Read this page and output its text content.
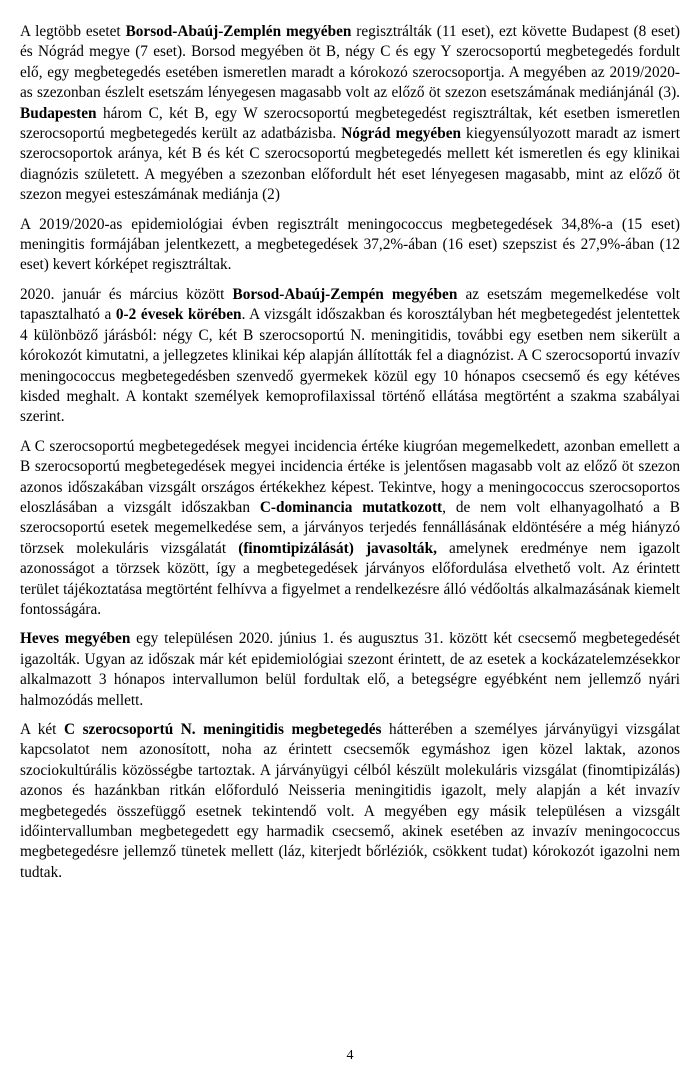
A legtöbb esetet Borsod-Abaúj-Zemplén megyében regisztrálták (11 eset), ezt követte Budapest (8 eset) és Nógrád megye (7 eset). Borsod megyében öt B, négy C és egy Y szerocsoportú megbetegedés fordult elő, egy megbetegedés esetében ismeretlen maradt a kórokozó szerocsoportja. A megyében az 2019/2020-as szezonban észlelt esetszám lényegesen magasabb volt az előző öt szezon esetszámának mediánjánál (3). Budapesten három C, két B, egy W szerocsoportú megbetegedést regisztráltak, két esetben ismeretlen szerocsoportú megbetegedés került az adatbázisba. Nógrád megyében kiegyensúlyozott maradt az ismert szerocsoportok aránya, két B és két C szerocsoportú megbetegedés mellett két ismeretlen és egy klinikai diagnózis született. A megyében a szezonban előfordult hét eset lényegesen magasabb, mint az előző öt szezon megyei esteszámának mediánja (2)

A 2019/2020-as epidemiológiai évben regisztrált meningococcus megbetegedések 34,8%-a (15 eset) meningitis formájában jelentkezett, a megbetegedések 37,2%-ában (16 eset) szepszist és 27,9%-ában (12 eset) kevert kórképet regisztráltak.

2020. január és március között Borsod-Abaúj-Zempén megyében az esetszám megemelkedése volt tapasztalható a 0-2 évesek körében. A vizsgált időszakban és korosztályban hét megbetegedést jelentettek 4 különböző járásból: négy C, két B szerocsoportú N. meningitidis, további egy esetben nem sikerült a kórokozót kimutatni, a jellegzetes klinikai kép alapján állították fel a diagnózist. A C szerocsoportú invazív meningococcus megbetegedésben szenvedő gyermekek közül egy 10 hónapos csecsemő és egy kétéves kisded meghalt. A kontakt személyek kemoprofilaxissal történő ellátása megtörtént a szakma szabályai szerint.

A C szerocsoportú megbetegedések megyei incidencia értéke kiugróan megemelkedett, azonban emellett a B szerocsoportú megbetegedések megyei incidencia értéke is jelentősen magasabb volt az előző öt szezon azonos időszakában vizsgált országos értékekhez képest. Tekintve, hogy a meningococcus szerocsoportos eloszlásában a vizsgált időszakban C-dominancia mutatkozott, de nem volt elhanyagolható a B szerocsoportú esetek megemelkedése sem, a járványos terjedés fennállásának eldöntésére a még hiányzó törzsek molekuláris vizsgálatát (finomtipizálását) javasolták, amelynek eredménye nem igazolt azonosságot a törzsek között, így a megbetegedések járványos előfordulása elvethető volt. Az érintett terület tájékoztatása megtörtént felhívva a figyelmet a rendelkezésre álló védőoltás alkalmazásának kiemelt fontosságára.

Heves megyében egy településen 2020. június 1. és augusztus 31. között két csecsemő megbetegedését igazolták. Ugyan az időszak már két epidemiológiai szezont érintett, de az esetek a kockázatelemzésekkor alkalmazott 3 hónapos intervallumon belül fordultak elő, a betegségre egyébként nem jellemző nyári halmozódás mellett.

A két C szerocsoportú N. meningitidis megbetegedés hátterében a személyes járványügyi vizsgálat kapcsolatot nem azonosított, noha az érintett csecsemők egymáshoz igen közel laktak, azonos szociokultúrális közösségbe tartoztak. A járványügyi célból készült molekuláris vizsgálat (finomtipizálás) azonos és hazánkban ritkán előforduló Neisseria meningitidis igazolt, mely alapján a két invazív megbetegedés összefüggő esetnek tekintendő volt. A megyében egy másik településen a vizsgált időintervallumban megbetegedett egy harmadik csecsemő, akinek esetében az invazív meningococcus megbetegedésre jellemző tünetek mellett (láz, kiterjedt bőrléziók, csökkent tudat) kórokozót igazolni nem tudtak.

4
